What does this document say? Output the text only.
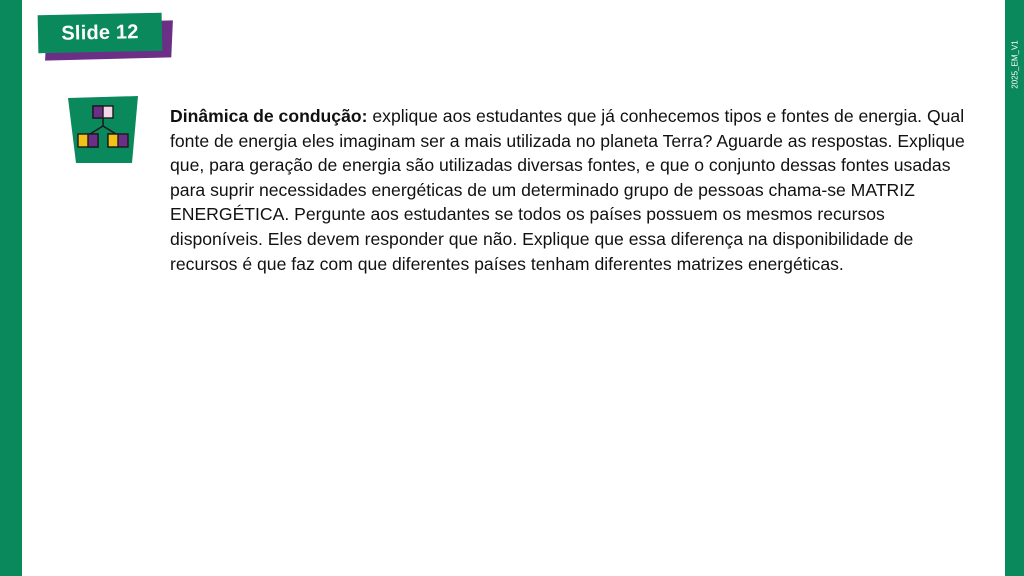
Slide 12
2025_EM_V1
Dinâmica de condução: explique aos estudantes que já conhecemos tipos e fontes de energia. Qual fonte de energia eles imaginam ser a mais utilizada no planeta Terra? Aguarde as respostas. Explique que, para geração de energia são utilizadas diversas fontes, e que o conjunto dessas fontes usadas para suprir necessidades energéticas de um determinado grupo de pessoas chama-se MATRIZ ENERGÉTICA. Pergunte aos estudantes se todos os países possuem os mesmos recursos disponíveis. Eles devem responder que não. Explique que essa diferença na disponibilidade de recursos é que faz com que diferentes países tenham diferentes matrizes energéticas.
